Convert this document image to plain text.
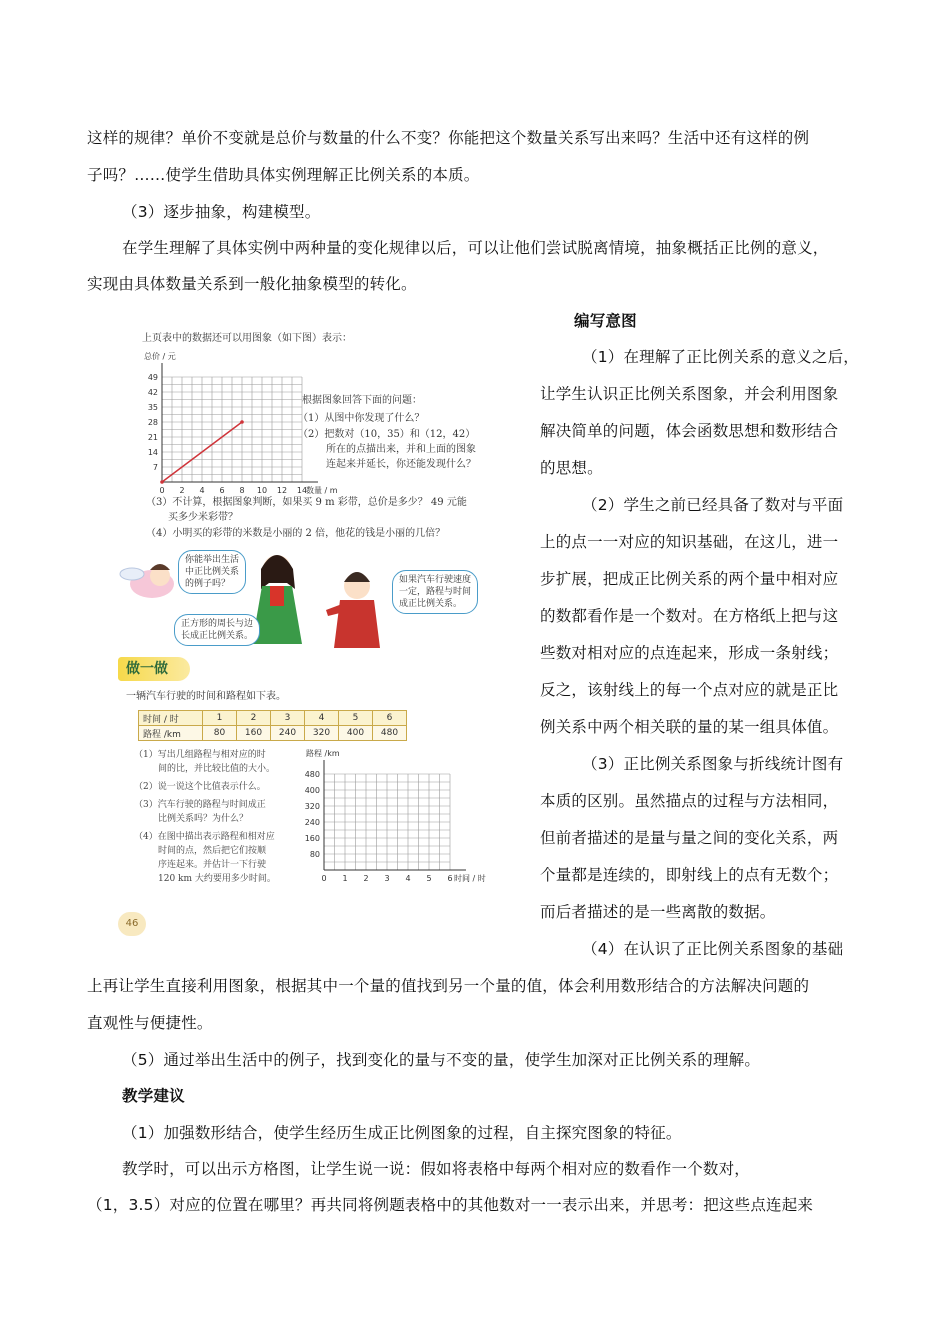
这样的规律？单价不变就是总价与数量的什么不变？你能把这个数量关系写出来吗？生活中还有这样的例
子吗？……使学生借助具体实例理解正比例关系的本质。
（3）逐步抽象，构建模型。
在学生理解了具体实例中两种量的变化规律以后，可以让他们尝试脱离情境，抽象概括正比例的意义，
实现由具体数量关系到一般化抽象模型的转化。
编写意图
（1）在理解了正比例关系的意义之后，
让学生认识正比例关系图象，并会利用图象
解决简单的问题，体会函数思想和数形结合
的思想。
（2）学生之前已经具备了数对与平面
上的点一一对应的知识基础，在这儿，进一
步扩展，把成正比例关系的两个量中相对应
的数都看作是一个数对。在方格纸上把与这
些数对相对应的点连起来，形成一条射线；
反之，该射线上的每一个点对应的就是正比
例关系中两个相关联的量的某一组具体值。
（3）正比例关系图象与折线统计图有
本质的区别。虽然描点的过程与方法相同，
但前者描述的是量与量之间的变化关系，两
个量都是连续的，即射线上的点有无数个；
而后者描述的是一些离散的数据。
（4）在认识了正比例关系图象的基础
上再让学生直接利用图象，根据其中一个量的值找到另一个量的值，体会利用数形结合的方法解决问题的
直观性与便捷性。
（5）通过举出生活中的例子，找到变化的量与不变的量，使学生加深对正比例关系的理解。
教学建议
（1）加强数形结合，使学生经历生成正比例图象的过程，自主探究图象的特征。
教学时，可以出示方格图，让学生说一说：假如将表格中每两个相对应的数看作一个数对，
（1，3.5）对应的位置在哪里？再共同将例题表格中的其他数对一一表示出来，并思考：把这些点连起来
上页表中的数据还可以用图象（如下图）表示：
0 2 4 6 8 10 12 14
7
14
21
28
35
42
49
总价 / 元
数量 / m
根据图象回答下面的问题：
（1）从图中你发现了什么？
（2）把数对（10，35）和（12，42）
所在的点描出来，并和上面的图象
连起来并延长，你还能发现什么？
（3）不计算，根据图象判断，如果买 9 m 彩带，总价是多少？ 49 元能
买多少米彩带？
（4）小明买的彩带的米数是小丽的 2 倍，他花的钱是小丽的几倍？
你能举出生活
中正比例关系
的例子吗？
正方形的周长与边
长成正比例关系。
如果汽车行驶速度
一定，路程与时间
成正比例关系。
做一做
一辆汽车行驶的时间和路程如下表。
时间 / 时	1	2	3	4	5	6
路程 /km	80	160	240	320	400	480
（1）写出几组路程与相对应的时
间的比，并比较比值的大小。
（2）说一说这个比值表示什么。
（3）汽车行驶的路程与时间成正
比例关系吗？为什么？
（4）在图中描出表示路程和相对应
时间的点，然后把它们按顺
序连起来。并估计一下行驶
120 km 大约要用多少时间。	0 1 2 3 4 5 6
80
160
240
320
400
480
路程 /km
时间 / 时
46
